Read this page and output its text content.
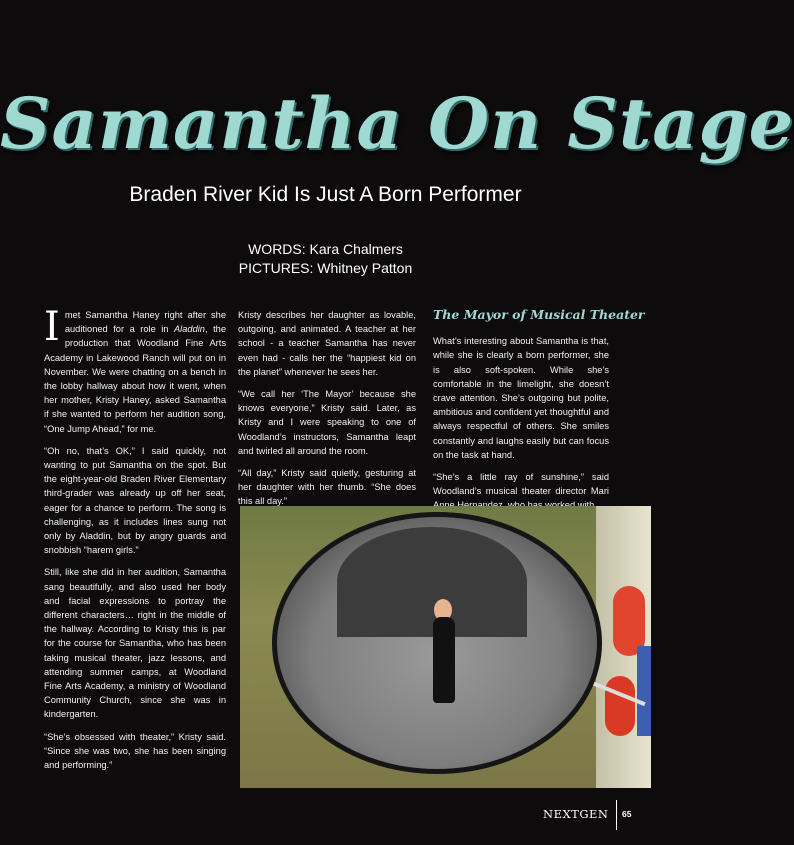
Samantha On Stage
Braden River Kid Is Just A Born Performer
WORDS: Kara Chalmers
PICTURES: Whitney Patton

I met Samantha Haney right after she auditioned for a role in Aladdin, the production that Woodland Fine Arts Academy in Lakewood Ranch will put on in November. We were chatting on a bench in the lobby hallway about how it went, when her mother, Kristy Haney, asked Samantha if she wanted to perform her audition song, “One Jump Ahead,” for me.

“Oh no, that’s OK,” I said quickly, not wanting to put Samantha on the spot. But the eight-year-old Braden River Elementary third-grader was already up off her seat, eager for a chance to perform. The song is challenging, as it includes lines sung not only by Aladdin, but by angry guards and snobbish “harem girls.”

Still, like she did in her audition, Samantha sang beautifully, and also used her body and facial expressions to portray the different characters… right in the middle of the hallway. According to Kristy this is par for the course for Samantha, who has been taking musical theater, jazz lessons, and attending summer camps, at Woodland Fine Arts Academy, a ministry of Woodland Community Church, since she was in kindergarten.

“She’s obsessed with theater,” Kristy said. “Since she was two, she has been singing and performing.”

Kristy describes her daughter as lovable, outgoing, and animated. A teacher at her school - a teacher Samantha has never even had - calls her the “happiest kid on the planet” whenever he sees her.

“We call her ‘The Mayor’ because she knows everyone,” Kristy said. Later, as Kristy and I were speaking to one of Woodland’s instructors, Samantha leapt and twirled all around the room.

“All day,” Kristy said quietly, gesturing at her daughter with her thumb. “She does this all day.”

The Mayor of Musical Theater

What’s interesting about Samantha is that, while she is clearly a born performer, she is also soft-spoken. While she’s comfortable in the limelight, she doesn’t crave attention. She’s outgoing but polite, ambitious and confident yet thoughtful and always respectful of others. She smiles constantly and laughs easily but can focus on the task at hand.

“She’s a little ray of sunshine,” said Woodland’s musical theater director Mari

NEXTGEN 65
